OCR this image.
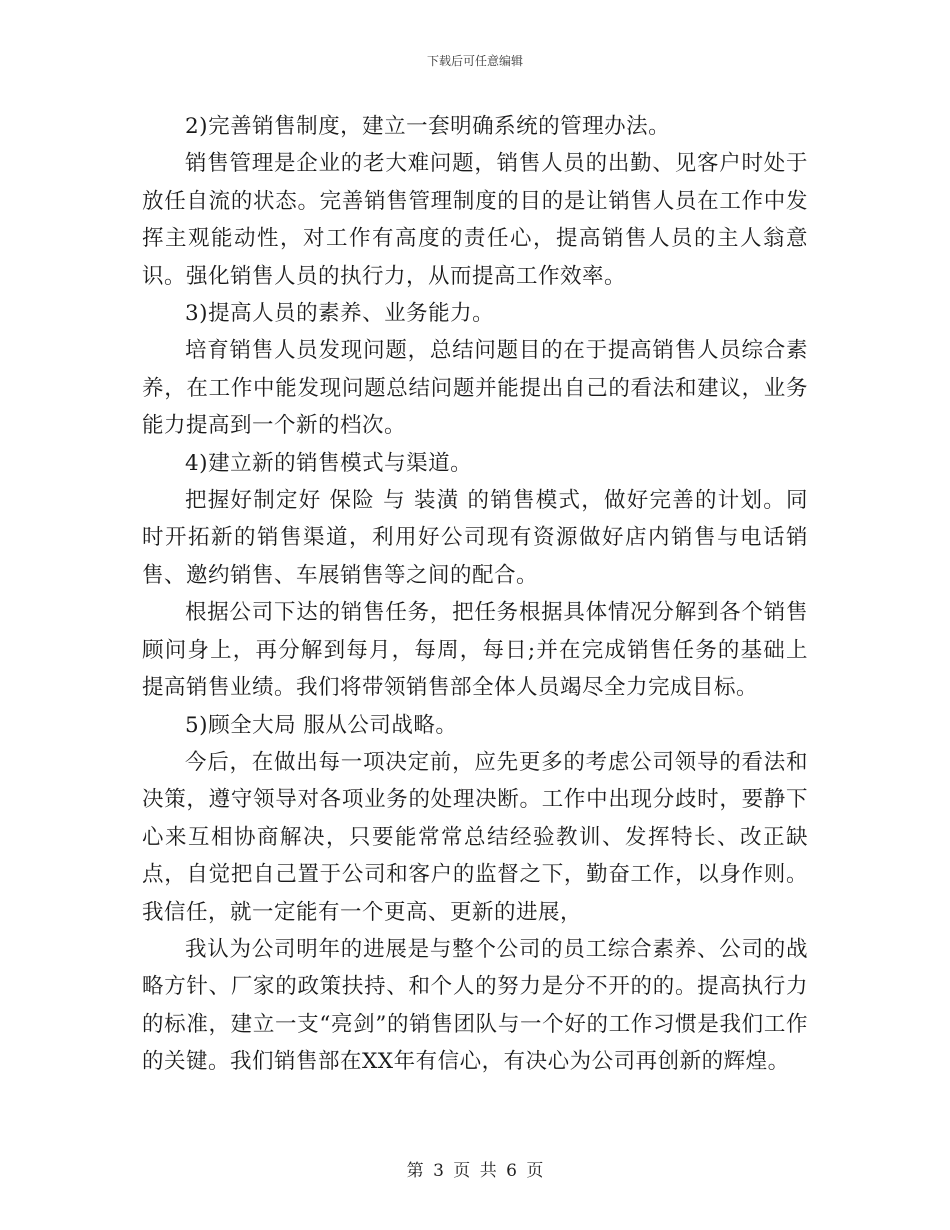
下载后可任意编辑

2)完善销售制度，建立一套明确系统的管理办法。

销售管理是企业的老大难问题，销售人员的出勤、见客户时处于放任自流的状态。完善销售管理制度的目的是让销售人员在工作中发挥主观能动性，对工作有高度的责任心，提高销售人员的主人翁意识。强化销售人员的执行力，从而提高工作效率。

3)提高人员的素养、业务能力。

培育销售人员发现问题，总结问题目的在于提高销售人员综合素养，在工作中能发现问题总结问题并能提出自己的看法和建议，业务能力提高到一个新的档次。

4)建立新的销售模式与渠道。

把握好制定好 保险 与 装潢 的销售模式，做好完善的计划。同时开拓新的销售渠道，利用好公司现有资源做好店内销售与电话销售、邀约销售、车展销售等之间的配合。

根据公司下达的销售任务，把任务根据具体情况分解到各个销售顾问身上，再分解到每月，每周，每日;并在完成销售任务的基础上提高销售业绩。我们将带领销售部全体人员竭尽全力完成目标。

5)顾全大局 服从公司战略。

今后，在做出每一项决定前，应先更多的考虑公司领导的看法和决策，遵守领导对各项业务的处理决断。工作中出现分歧时，要静下心来互相协商解决，只要能常常总结经验教训、发挥特长、改正缺点，自觉把自己置于公司和客户的监督之下，勤奋工作，以身作则。我信任，就一定能有一个更高、更新的进展，

我认为公司明年的进展是与整个公司的员工综合素养、公司的战略方针、厂家的政策扶持、和个人的努力是分不开的的。提高执行力的标准，建立一支“亮剑”的销售团队与一个好的工作习惯是我们工作的关键。我们销售部在XX年有信心，有决心为公司再创新的辉煌。

第 3 页 共 6 页
